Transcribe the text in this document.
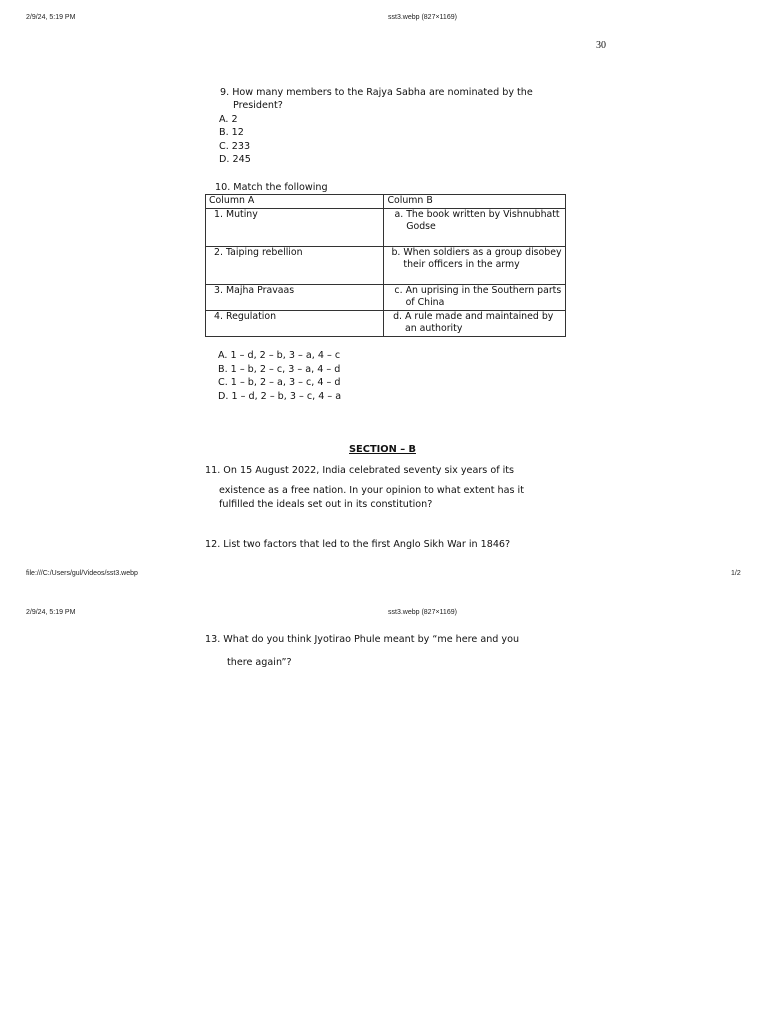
2/9/24, 5:19 PM	sst3.webp (827×1169)
30
9. How many members to the Rajya Sabha are nominated by the
President?
A. 2
B. 12
C. 233
D. 245
10. Match the following
Column A	Column B

1. Mutiny	a. The book written by Vishnubhatt Godse

2. Taiping rebellion	b. When soldiers as a group disobey their officers in the army

3. Majha Pravaas	c. An uprising in the Southern parts of China

4. Regulation	d. A rule made and maintained by an authority
A. 1 – d, 2 – b, 3 – a, 4 – c
B. 1 – b, 2 – c, 3 – a, 4 – d
C. 1 – b, 2 – a, 3 – c, 4 – d
D. 1 – d, 2 – b, 3 – c, 4 – a
SECTION – B
11. On 15 August 2022, India celebrated seventy six years of its
existence as a free nation. In your opinion to what extent has it
fulfilled the ideals set out in its constitution?
12. List two factors that led to the first Anglo Sikh War in 1846?
file:///C:/Users/gul/Videos/sst3.webp	1/2
2/9/24, 5:19 PM	sst3.webp (827×1169)
13. What do you think Jyotirao Phule meant by “me here and you
there again”?
